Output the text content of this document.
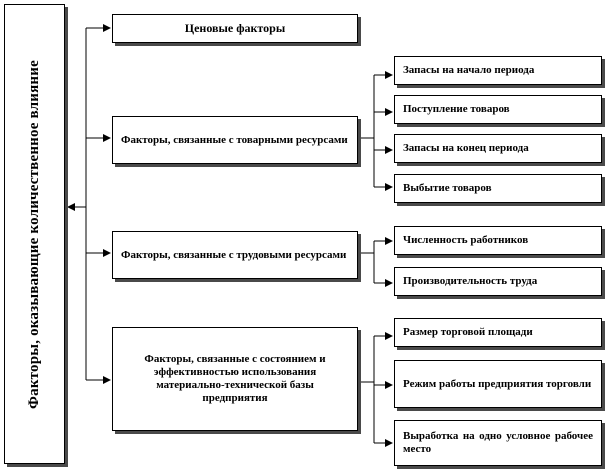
Факторы, оказывающие количественное влияние
Ценовые факторы
Факторы, связанные с товарными ресурсами
Факторы, связанные с трудовыми ресурсами
Факторы, связанные с состоянием и эффективностью использования материально-технической базы предприятия
Запасы на начало периода
Поступление товаров
Запасы на конец периода
Выбытие товаров
Численность работников
Производительность труда
Размер торговой площади
Режим работы предприятия торговли
Выработка на одно условное рабочее место
